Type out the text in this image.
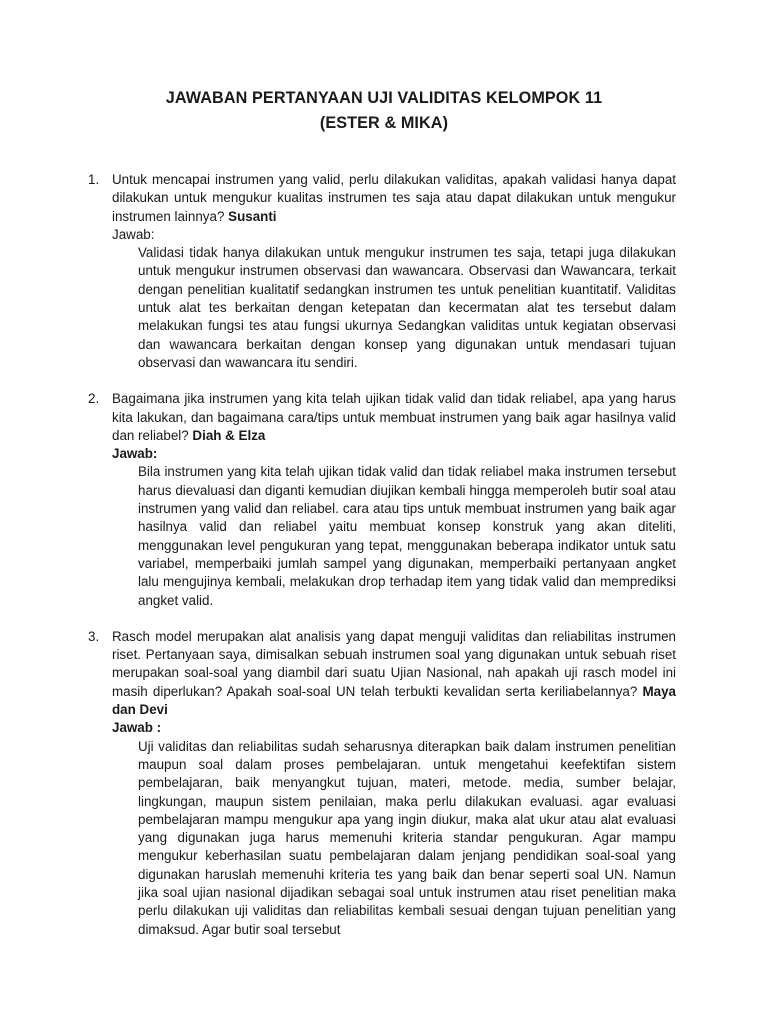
JAWABAN PERTANYAAN UJI VALIDITAS KELOMPOK 11
(ESTER & MIKA)
1. Untuk mencapai instrumen yang valid, perlu dilakukan validitas, apakah validasi hanya dapat dilakukan untuk mengukur kualitas instrumen tes saja atau dapat dilakukan untuk mengukur instrumen lainnya? Susanti
Jawab:
Validasi tidak hanya dilakukan untuk mengukur instrumen tes saja, tetapi juga dilakukan untuk mengukur instrumen observasi dan wawancara. Observasi dan Wawancara, terkait dengan penelitian kualitatif sedangkan instrumen tes untuk penelitian kuantitatif. Validitas untuk alat tes berkaitan dengan ketepatan dan kecermatan alat tes tersebut dalam melakukan fungsi tes atau fungsi ukurnya Sedangkan validitas untuk kegiatan observasi dan wawancara berkaitan dengan konsep yang digunakan untuk mendasari tujuan observasi dan wawancara itu sendiri.
2. Bagaimana jika instrumen yang kita telah ujikan tidak valid dan tidak reliabel, apa yang harus kita lakukan, dan bagaimana cara/tips untuk membuat instrumen yang baik agar hasilnya valid dan reliabel? Diah & Elza
Jawab:
Bila instrumen yang kita telah ujikan tidak valid dan tidak reliabel maka instrumen tersebut harus dievaluasi dan diganti kemudian diujikan kembali hingga memperoleh butir soal atau instrumen yang valid dan reliabel. cara atau tips untuk membuat instrumen yang baik agar hasilnya valid dan reliabel yaitu membuat konsep konstruk yang akan diteliti, menggunakan level pengukuran yang tepat, menggunakan beberapa indikator untuk satu variabel, memperbaiki jumlah sampel yang digunakan, memperbaiki pertanyaan angket lalu mengujinya kembali, melakukan drop terhadap item yang tidak valid dan memprediksi angket valid.
3. Rasch model merupakan alat analisis yang dapat menguji validitas dan reliabilitas instrumen riset. Pertanyaan saya, dimisalkan sebuah instrumen soal yang digunakan untuk sebuah riset merupakan soal-soal yang diambil dari suatu Ujian Nasional, nah apakah uji rasch model ini masih diperlukan? Apakah soal-soal UN telah terbukti kevalidan serta keriliabelannya? Maya dan Devi
Jawab :
Uji validitas dan reliabilitas sudah seharusnya diterapkan baik dalam instrumen penelitian maupun soal dalam proses pembelajaran. untuk mengetahui keefektifan sistem pembelajaran, baik menyangkut tujuan, materi, metode. media, sumber belajar, lingkungan, maupun sistem penilaian, maka perlu dilakukan evaluasi. agar evaluasi pembelajaran mampu mengukur apa yang ingin diukur, maka alat ukur atau alat evaluasi yang digunakan juga harus memenuhi kriteria standar pengukuran. Agar mampu mengukur keberhasilan suatu pembelajaran dalam jenjang pendidikan soal-soal yang digunakan haruslah memenuhi kriteria tes yang baik dan benar seperti soal UN. Namun jika soal ujian nasional dijadikan sebagai soal untuk instrumen atau riset penelitian maka perlu dilakukan uji validitas dan reliabilitas kembali sesuai dengan tujuan penelitian yang dimaksud. Agar butir soal tersebut
